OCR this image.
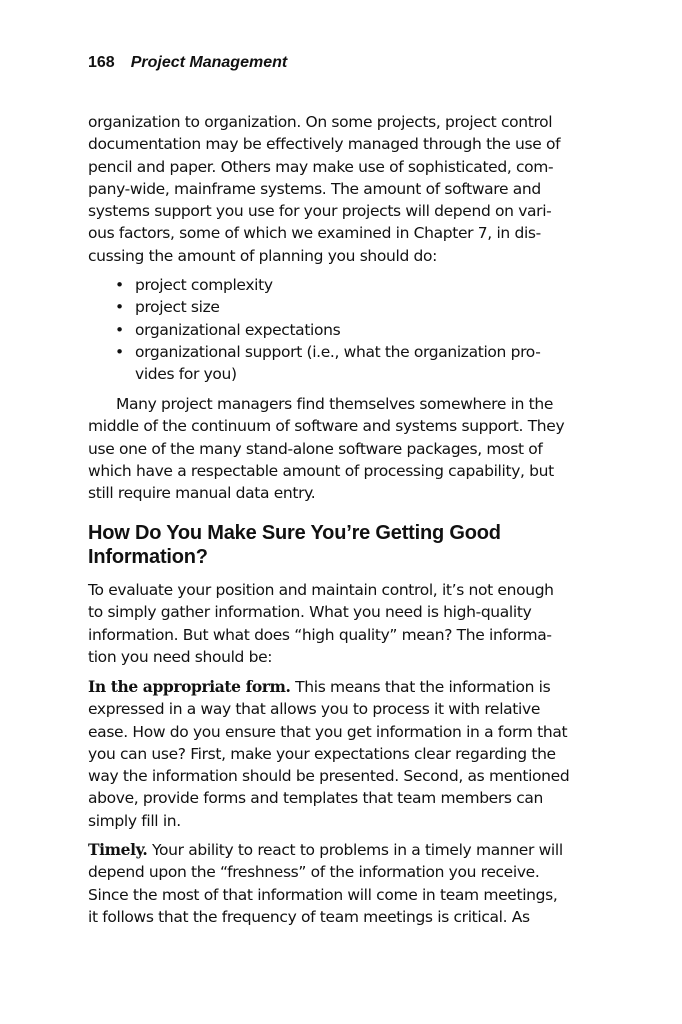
168 Project Management
organization to organization. On some projects, project control
documentation may be effectively managed through the use of
pencil and paper. Others may make use of sophisticated, com-
pany-wide, mainframe systems. The amount of software and
systems support you use for your projects will depend on vari-
ous factors, some of which we examined in Chapter 7, in dis-
cussing the amount of planning you should do:
• project complexity
• project size
• organizational expectations
• organizational support (i.e., what the organization pro-
vides for you)
Many project managers find themselves somewhere in the
middle of the continuum of software and systems support. They
use one of the many stand-alone software packages, most of
which have a respectable amount of processing capability, but
still require manual data entry.
How Do You Make Sure You’re Getting Good
Information?
To evaluate your position and maintain control, it’s not enough
to simply gather information. What you need is high-quality
information. But what does “high quality” mean? The informa-
tion you need should be:
In the appropriate form. This means that the information is
expressed in a way that allows you to process it with relative
ease. How do you ensure that you get information in a form that
you can use? First, make your expectations clear regarding the
way the information should be presented. Second, as mentioned
above, provide forms and templates that team members can
simply fill in.
Timely. Your ability to react to problems in a timely manner will
depend upon the “freshness” of the information you receive.
Since the most of that information will come in team meetings,
it follows that the frequency of team meetings is critical. As
